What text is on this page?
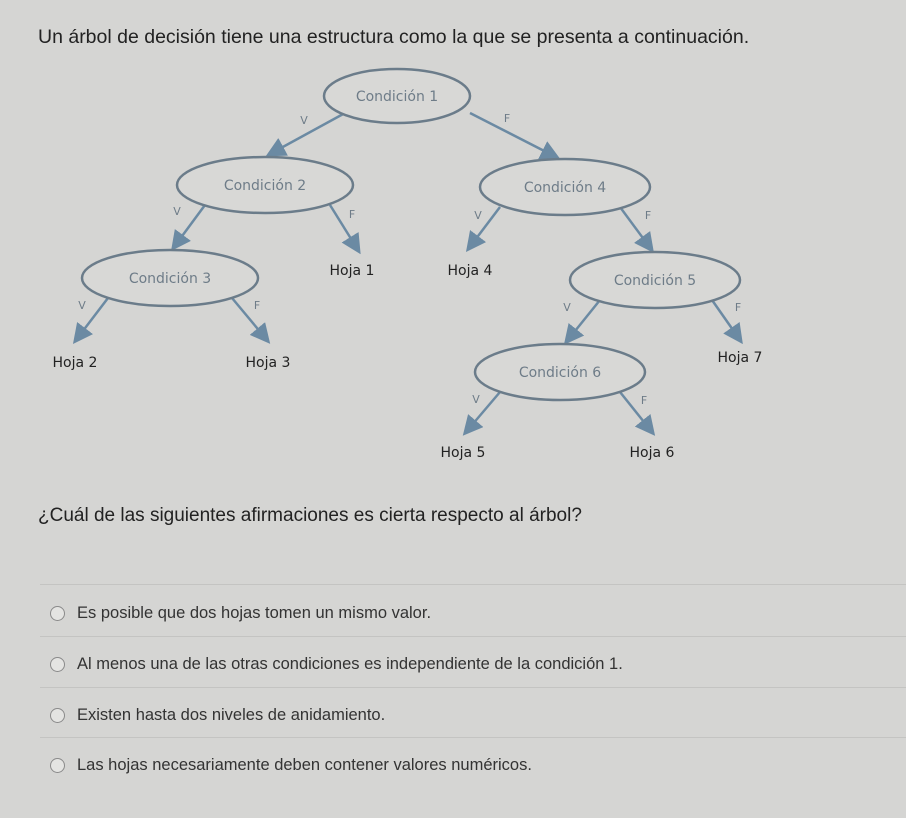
Un árbol de decisión tiene una estructura como la que se presenta a continuación.
Condición 1
Condición 2	Condición 4
Condición 3	Condición 5
Condición 6
Hoja 1	Hoja 4
Hoja 2	Hoja 3	Hoja 7
Hoja 5	Hoja 6
V	F
V	F	V	F
V	F	V	F
V	F
¿Cuál de las siguientes afirmaciones es cierta respecto al árbol?
Es posible que dos hojas tomen un mismo valor.
Al menos una de las otras condiciones es independiente de la condición 1.
Existen hasta dos niveles de anidamiento.
Las hojas necesariamente deben contener valores numéricos.
